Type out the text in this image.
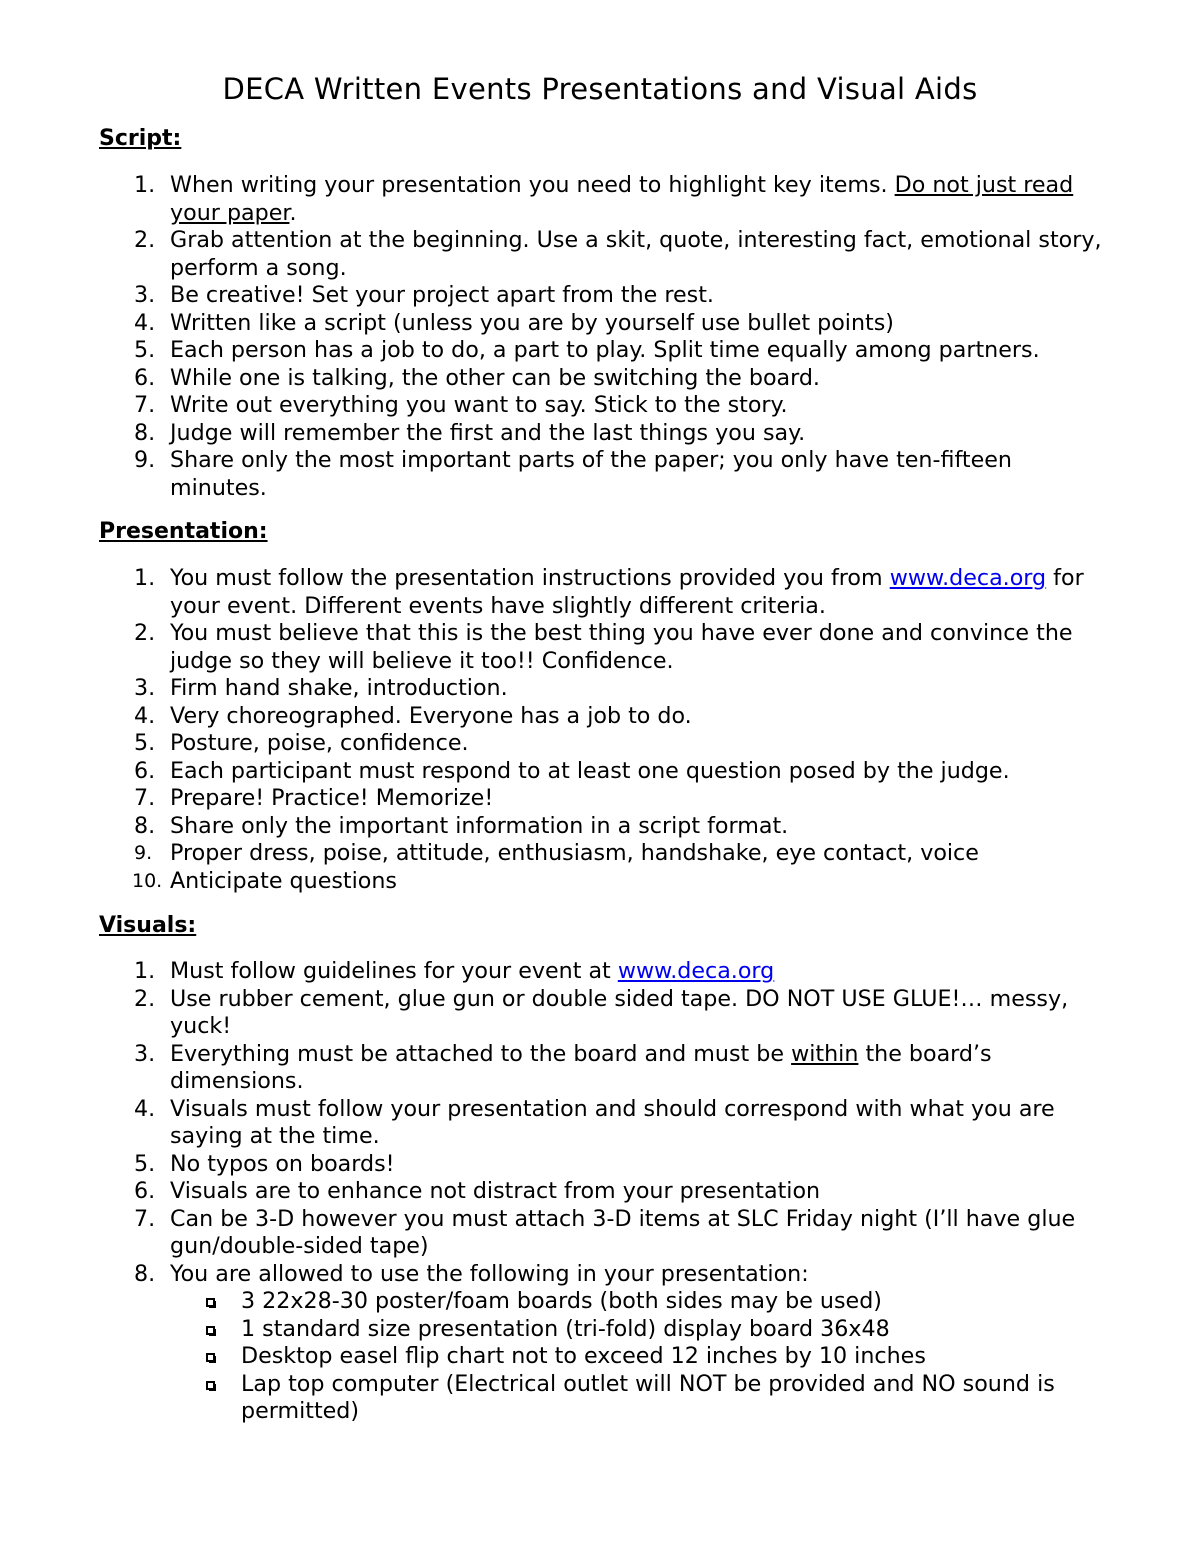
DECA Written Events Presentations and Visual Aids
Script:
1. When writing your presentation you need to highlight key items. Do not just read your paper.
2. Grab attention at the beginning. Use a skit, quote, interesting fact, emotional story, perform a song.
3. Be creative! Set your project apart from the rest.
4. Written like a script (unless you are by yourself use bullet points)
5. Each person has a job to do, a part to play. Split time equally among partners.
6. While one is talking, the other can be switching the board.
7. Write out everything you want to say. Stick to the story.
8. Judge will remember the first and the last things you say.
9. Share only the most important parts of the paper; you only have ten-fifteen minutes.
Presentation:
1. You must follow the presentation instructions provided you from www.deca.org for your event. Different events have slightly different criteria.
2. You must believe that this is the best thing you have ever done and convince the judge so they will believe it too!! Confidence.
3. Firm hand shake, introduction.
4. Very choreographed. Everyone has a job to do.
5. Posture, poise, confidence.
6. Each participant must respond to at least one question posed by the judge.
7. Prepare! Practice! Memorize!
8. Share only the important information in a script format.
9. Proper dress, poise, attitude, enthusiasm, handshake, eye contact, voice
10. Anticipate questions
Visuals:
1. Must follow guidelines for your event at www.deca.org
2. Use rubber cement, glue gun or double sided tape. DO NOT USE GLUE!… messy, yuck!
3. Everything must be attached to the board and must be within the board’s dimensions.
4. Visuals must follow your presentation and should correspond with what you are saying at the time.
5. No typos on boards!
6. Visuals are to enhance not distract from your presentation
7. Can be 3-D however you must attach 3-D items at SLC Friday night (I’ll have glue gun/double-sided tape)
8. You are allowed to use the following in your presentation:
3 22x28-30 poster/foam boards (both sides may be used)
1 standard size presentation (tri-fold) display board 36x48
Desktop easel flip chart not to exceed 12 inches by 10 inches
Lap top computer (Electrical outlet will NOT be provided and NO sound is permitted)
